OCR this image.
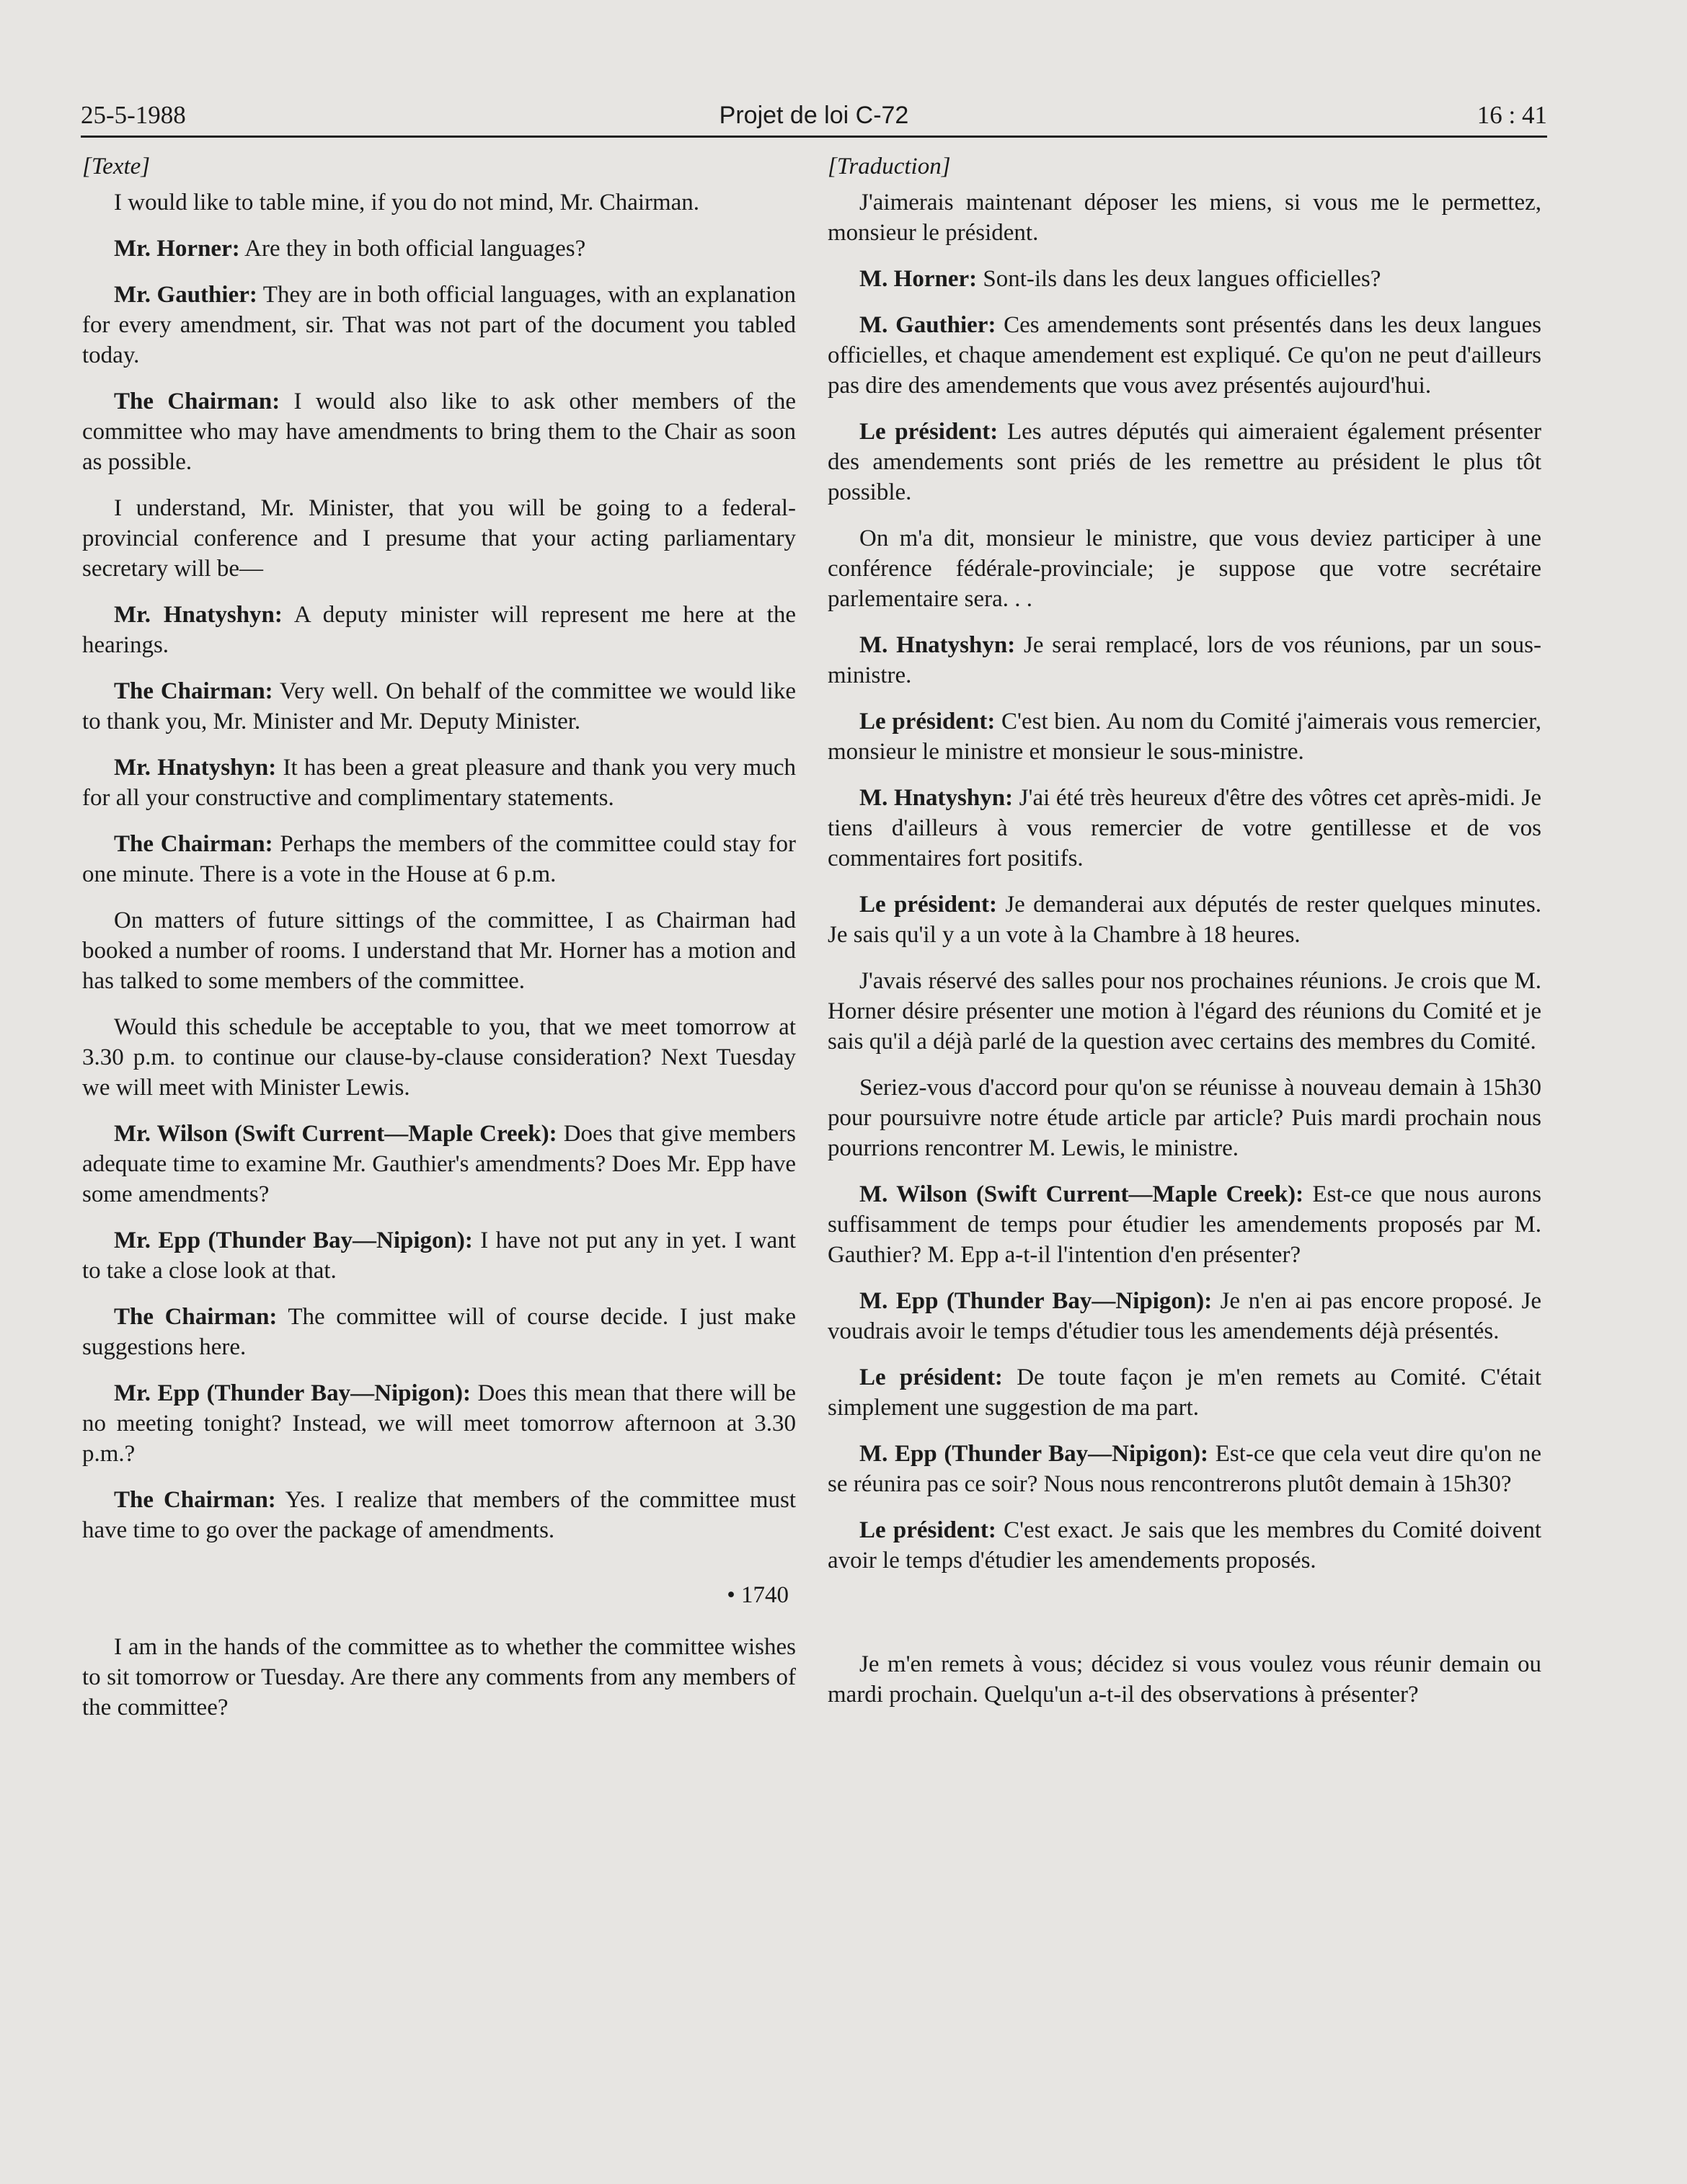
25-5-1988	Projet de loi C-72	16 : 41
[Texte]

I would like to table mine, if you do not mind, Mr. Chairman.

Mr. Horner: Are they in both official languages?

Mr. Gauthier: They are in both official languages, with an explanation for every amendment, sir. That was not part of the document you tabled today.

The Chairman: I would also like to ask other members of the committee who may have amendments to bring them to the Chair as soon as possible.

I understand, Mr. Minister, that you will be going to a federal-provincial conference and I presume that your acting parliamentary secretary will be—

Mr. Hnatyshyn: A deputy minister will represent me here at the hearings.

The Chairman: Very well. On behalf of the committee we would like to thank you, Mr. Minister and Mr. Deputy Minister.

Mr. Hnatyshyn: It has been a great pleasure and thank you very much for all your constructive and complimentary statements.

The Chairman: Perhaps the members of the committee could stay for one minute. There is a vote in the House at 6 p.m.

On matters of future sittings of the committee, I as Chairman had booked a number of rooms. I understand that Mr. Horner has a motion and has talked to some members of the committee.

Would this schedule be acceptable to you, that we meet tomorrow at 3.30 p.m. to continue our clause-by-clause consideration? Next Tuesday we will meet with Minister Lewis.

Mr. Wilson (Swift Current—Maple Creek): Does that give members adequate time to examine Mr. Gauthier's amendments? Does Mr. Epp have some amendments?

Mr. Epp (Thunder Bay—Nipigon): I have not put any in yet. I want to take a close look at that.

The Chairman: The committee will of course decide. I just make suggestions here.

Mr. Epp (Thunder Bay—Nipigon): Does this mean that there will be no meeting tonight? Instead, we will meet tomorrow afternoon at 3.30 p.m.?

The Chairman: Yes. I realize that members of the committee must have time to go over the package of amendments.

• 1740

I am in the hands of the committee as to whether the committee wishes to sit tomorrow or Tuesday. Are there any comments from any members of the committee?

[Traduction]

J'aimerais maintenant déposer les miens, si vous me le permettez, monsieur le président.

M. Horner: Sont-ils dans les deux langues officielles?

M. Gauthier: Ces amendements sont présentés dans les deux langues officielles, et chaque amendement est expliqué. Ce qu'on ne peut d'ailleurs pas dire des amendements que vous avez présentés aujourd'hui.

Le président: Les autres députés qui aimeraient également présenter des amendements sont priés de les remettre au président le plus tôt possible.

On m'a dit, monsieur le ministre, que vous deviez participer à une conférence fédérale-provinciale; je suppose que votre secrétaire parlementaire sera. . .

M. Hnatyshyn: Je serai remplacé, lors de vos réunions, par un sous-ministre.

Le président: C'est bien. Au nom du Comité j'aimerais vous remercier, monsieur le ministre et monsieur le sous-ministre.

M. Hnatyshyn: J'ai été très heureux d'être des vôtres cet après-midi. Je tiens d'ailleurs à vous remercier de votre gentillesse et de vos commentaires fort positifs.

Le président: Je demanderai aux députés de rester quelques minutes. Je sais qu'il y a un vote à la Chambre à 18 heures.

J'avais réservé des salles pour nos prochaines réunions. Je crois que M. Horner désire présenter une motion à l'égard des réunions du Comité et je sais qu'il a déjà parlé de la question avec certains des membres du Comité.

Seriez-vous d'accord pour qu'on se réunisse à nouveau demain à 15h30 pour poursuivre notre étude article par article? Puis mardi prochain nous pourrions rencontrer M. Lewis, le ministre.

M. Wilson (Swift Current—Maple Creek): Est-ce que nous aurons suffisamment de temps pour étudier les amendements proposés par M. Gauthier? M. Epp a-t-il l'intention d'en présenter?

M. Epp (Thunder Bay—Nipigon): Je n'en ai pas encore proposé. Je voudrais avoir le temps d'étudier tous les amendements déjà présentés.

Le président: De toute façon je m'en remets au Comité. C'était simplement une suggestion de ma part.

M. Epp (Thunder Bay—Nipigon): Est-ce que cela veut dire qu'on ne se réunira pas ce soir? Nous nous rencontrerons plutôt demain à 15h30?

Le président: C'est exact. Je sais que les membres du Comité doivent avoir le temps d'étudier les amendements proposés.

Je m'en remets à vous; décidez si vous voulez vous réunir demain ou mardi prochain. Quelqu'un a-t-il des observations à présenter?
